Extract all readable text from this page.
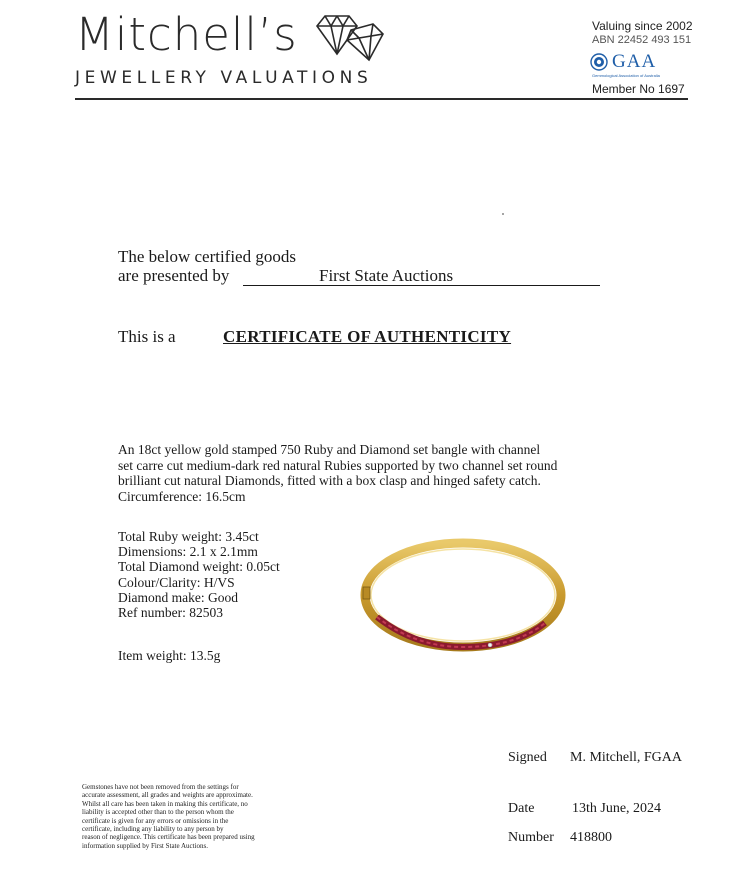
Mitchell’s
JEWELLERY VALUATIONS
Valuing since 2002
ABN 22452 493 151
GAA
Gemmological Association of Australia
Member No 1697
The below certified goods
are presented by	First State Auctions
This is a	CERTIFICATE OF AUTHENTICITY
An 18ct yellow gold stamped 750 Ruby and Diamond set bangle with channel
set carre cut medium-dark red natural Rubies supported by two channel set round
brilliant cut natural Diamonds, fitted with a box clasp and hinged safety catch.
Circumference: 16.5cm
Total Ruby weight: 3.45ct
Dimensions: 2.1 x 2.1mm
Total Diamond weight: 0.05ct
Colour/Clarity: H/VS
Diamond make: Good
Ref number: 82503
Item weight: 13.5g
Signed M. Mitchell, FGAA
Date	13th June, 2024
Number 418800
Gemstones have not been removed from the settings for
accurate assessment, all grades and weights are approximate.
Whilst all care has been taken in making this certificate, no
liability is accepted other than to the person whom the
certificate is given for any errors or omissions in the
certificate, including any liability to any person by
reason of negligence. This certificate has been prepared using
information supplied by First State Auctions.
